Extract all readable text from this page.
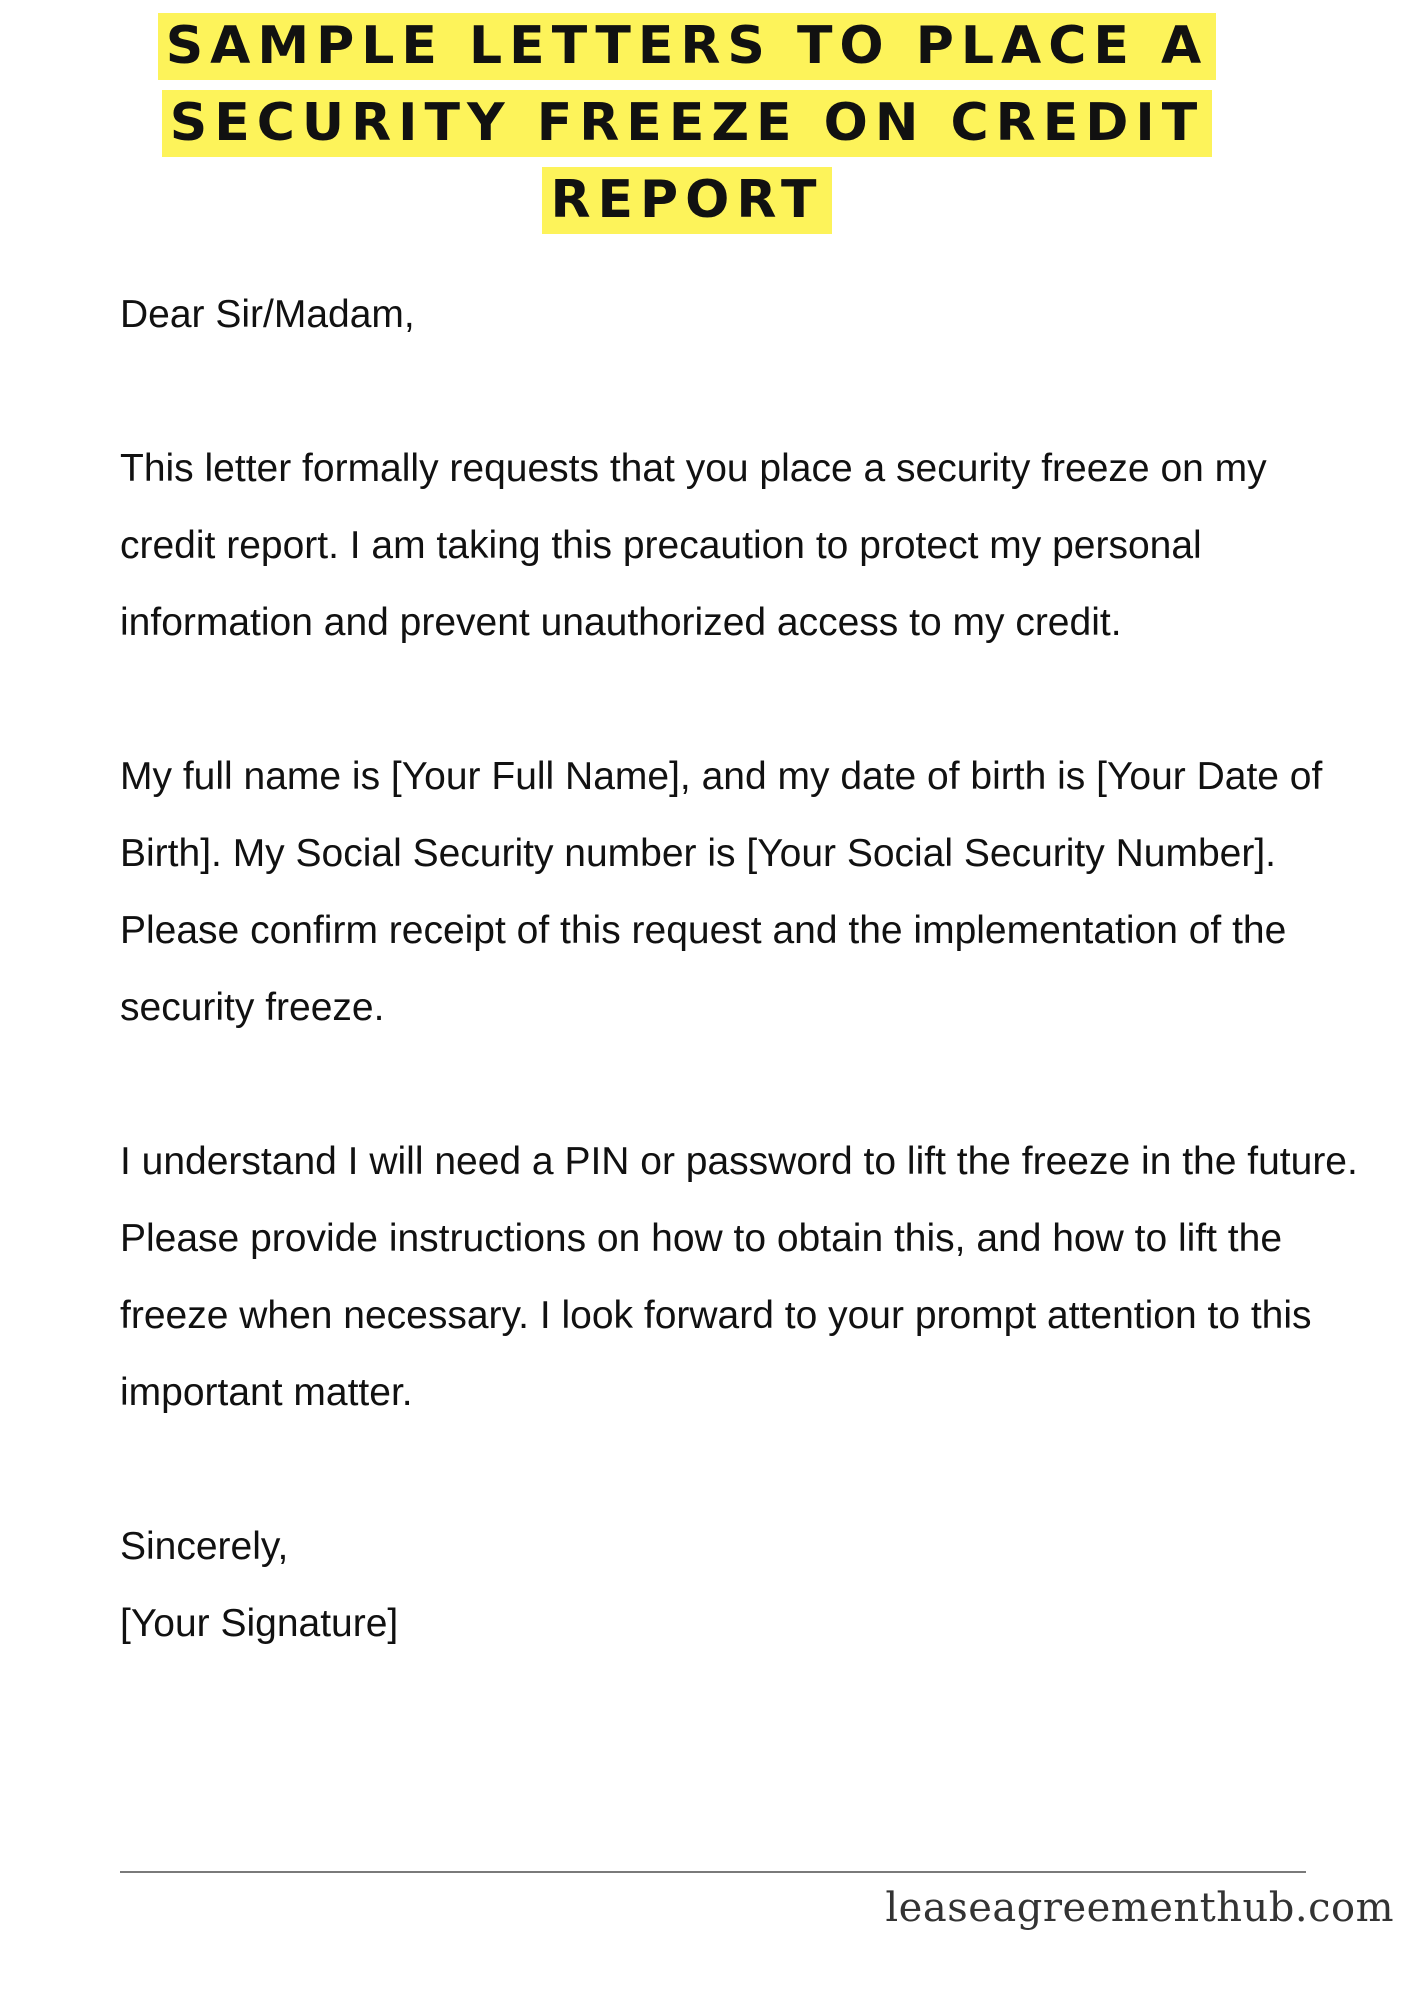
SAMPLE LETTERS TO PLACE A
SECURITY FREEZE ON CREDIT
REPORT

Dear Sir/Madam,

This letter formally requests that you place a security freeze on my credit report. I am taking this precaution to protect my personal information and prevent unauthorized access to my credit.

My full name is [Your Full Name], and my date of birth is [Your Date of Birth]. My Social Security number is [Your Social Security Number]. Please confirm receipt of this request and the implementation of the security freeze.

I understand I will need a PIN or password to lift the freeze in the future. Please provide instructions on how to obtain this, and how to lift the freeze when necessary. I look forward to your prompt attention to this important matter.

Sincerely,

[Your Signature]

leaseagreementhub.com
